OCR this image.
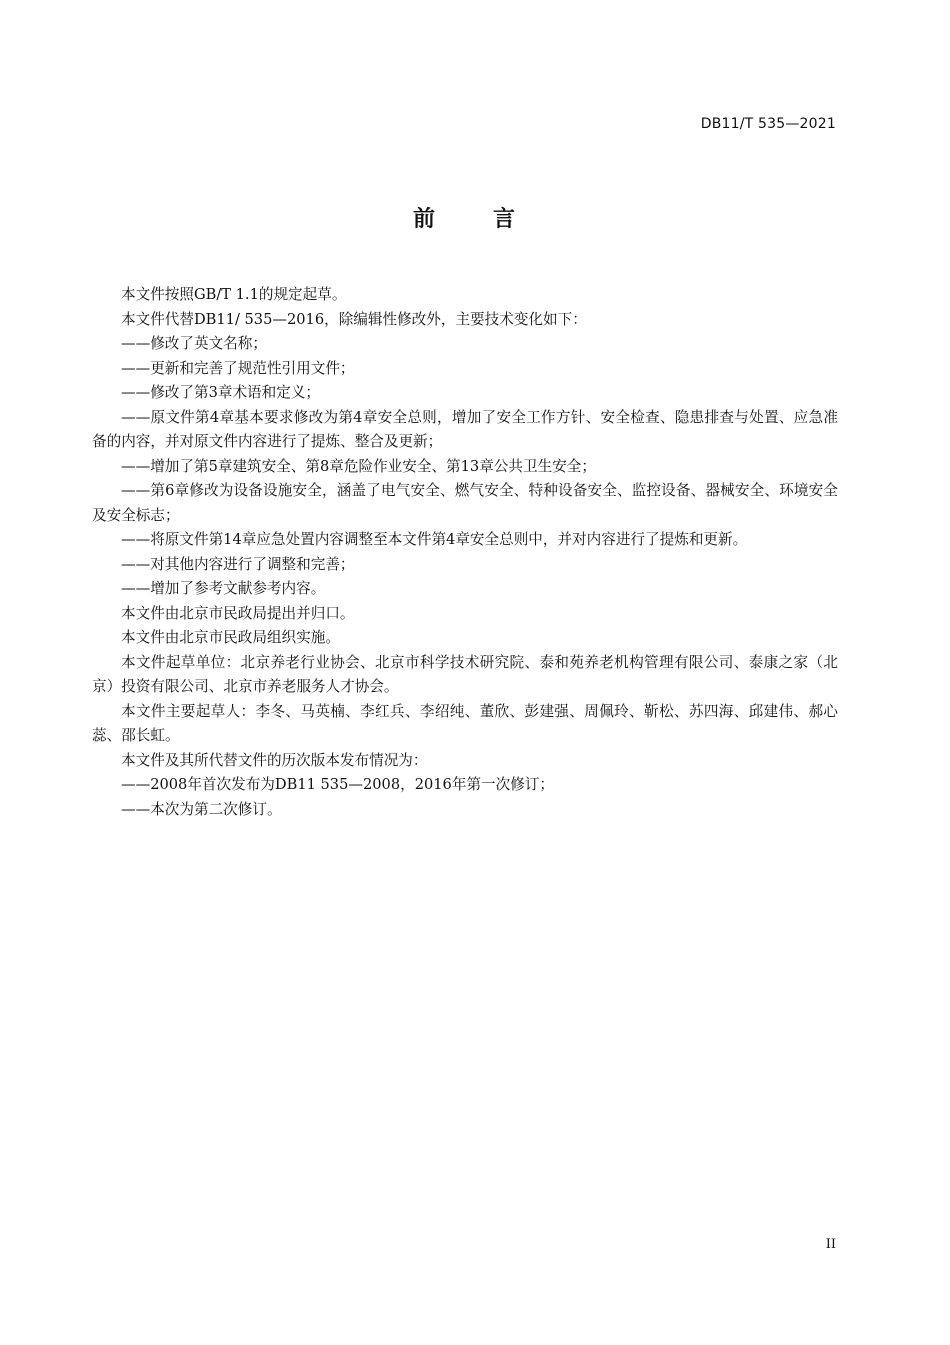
DB11/T 535—2021
前言

本文件按照GB/T 1.1的规定起草。

本文件代替DB11/ 535—2016，除编辑性修改外，主要技术变化如下：

——修改了英文名称；

——更新和完善了规范性引用文件；

——修改了第3章术语和定义；

——原文件第4章基本要求修改为第4章安全总则，增加了安全工作方针、安全检查、隐患排查与处置、应急准备的内容，并对原文件内容进行了提炼、整合及更新；

——增加了第5章建筑安全、第8章危险作业安全、第13章公共卫生安全；

——第6章修改为设备设施安全，涵盖了电气安全、燃气安全、特种设备安全、监控设备、器械安全、环境安全及安全标志；

——将原文件第14章应急处置内容调整至本文件第4章安全总则中，并对内容进行了提炼和更新。

——对其他内容进行了调整和完善；

——增加了参考文献参考内容。

本文件由北京市民政局提出并归口。

本文件由北京市民政局组织实施。

本文件起草单位：北京养老行业协会、北京市科学技术研究院、泰和苑养老机构管理有限公司、泰康之家（北京）投资有限公司、北京市养老服务人才协会。

本文件主要起草人：李冬、马英楠、李红兵、李绍纯、董欣、彭建强、周佩玲、靳松、苏四海、邱建伟、郝心蕊、邵长虹。

本文件及其所代替文件的历次版本发布情况为：

——2008年首次发布为DB11 535—2008，2016年第一次修订；

——本次为第二次修订。

II
